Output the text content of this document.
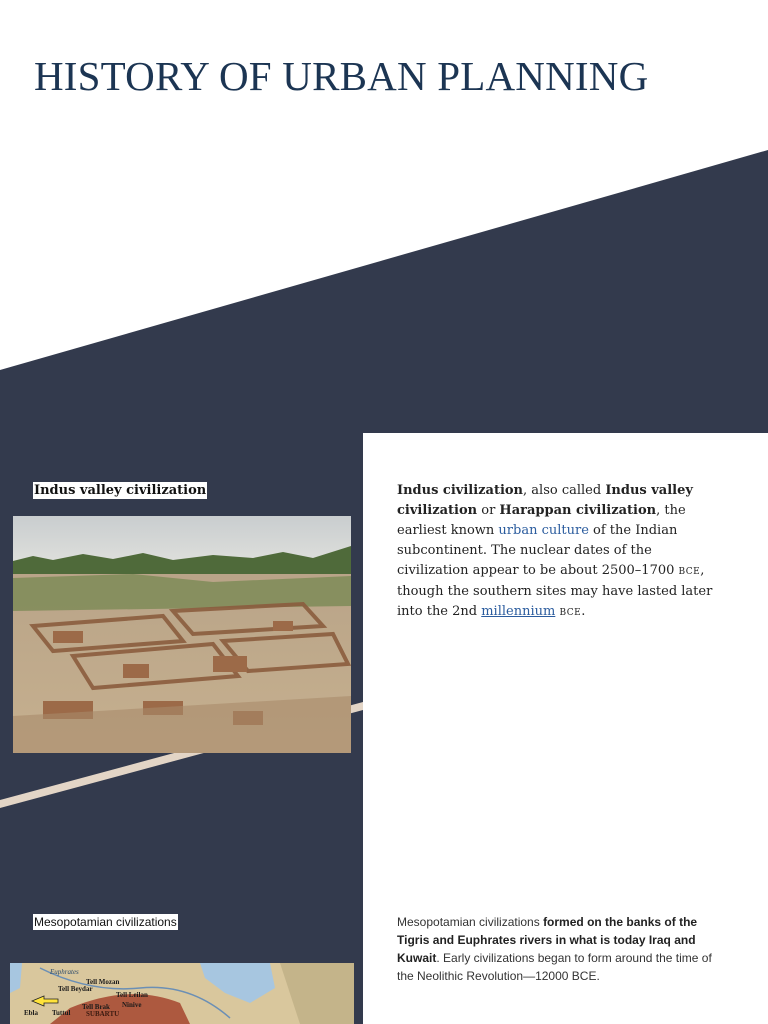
HISTORY OF URBAN PLANNING
Indus valley civilization	Indus civilization, also called Indus valley civilization or Harappan civilization, the earliest known urban culture of the Indian subcontinent. The nuclear dates of the civilization appear to be about 2500–1700 BCE, though the southern sites may have lasted later into the 2nd millennium BCE.
Mesopotamian civilizations	Mesopotamian civilizations formed on the banks of the Tigris and Euphrates rivers in what is today Iraq and Kuwait. Early civilizations began to form around the time of the Neolithic Revolution—12000 BCE.
Tell Mozan
Tell Beydar
Tell Leilan
Tell Brak Ninive
SUBARTU
Ebla Tuttul
Euphrates
